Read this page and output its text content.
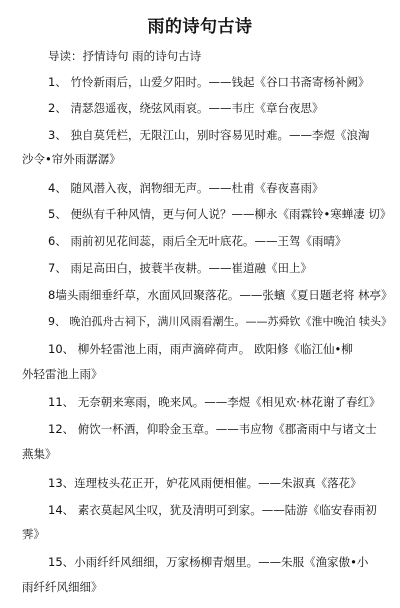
雨的诗句古诗
导读：抒情诗句 雨的诗句古诗
1、 竹怜新雨后，山爱夕阳时。——钱起《谷口书斋寄杨补阙》
2、 清瑟怨遥夜，绕弦风雨哀。——韦庄《章台夜思》
3、 独自莫凭栏，无限江山，别时容易见时难。——李煜《浪淘
沙令•帘外雨潺潺》
4、 随风潜入夜，润物细无声。——杜甫《春夜喜雨》
5、 便纵有千种风情，更与何人说？——柳永《雨霖铃•寒蝉凄 切》
6、 雨前初见花间蕊，雨后全无叶底花。——王驾《雨晴》
7、 雨足高田白，披蓑半夜耕。——崔道融《田上》
8墙头雨细垂纤草，水面风回聚落花。——张蠙《夏日题老将 林亭》
9、 晚泊孤舟古祠下，满川风雨看潮生。——苏舜钦《淮中晚泊 犊头》
10、 柳外轻雷池上雨，雨声滴碎荷声。 欧阳修《临江仙•柳
外轻雷池上雨》
11、 无奈朝来寒雨，晚来风。——李煜《相见欢·林花谢了春红》
12、 俯饮一杯酒，仰聆金玉章。——韦应物《郡斋雨中与诸文士
燕集》
13、连理枝头花正开，妒花风雨便相催。——朱淑真《落花》
14、 素衣莫起风尘叹，犹及清明可到家。——陆游《临安春雨初
霁》
15、小雨纤纤风细细，万家杨柳青烟里。——朱服《渔家傲•小
雨纤纤风细细》
